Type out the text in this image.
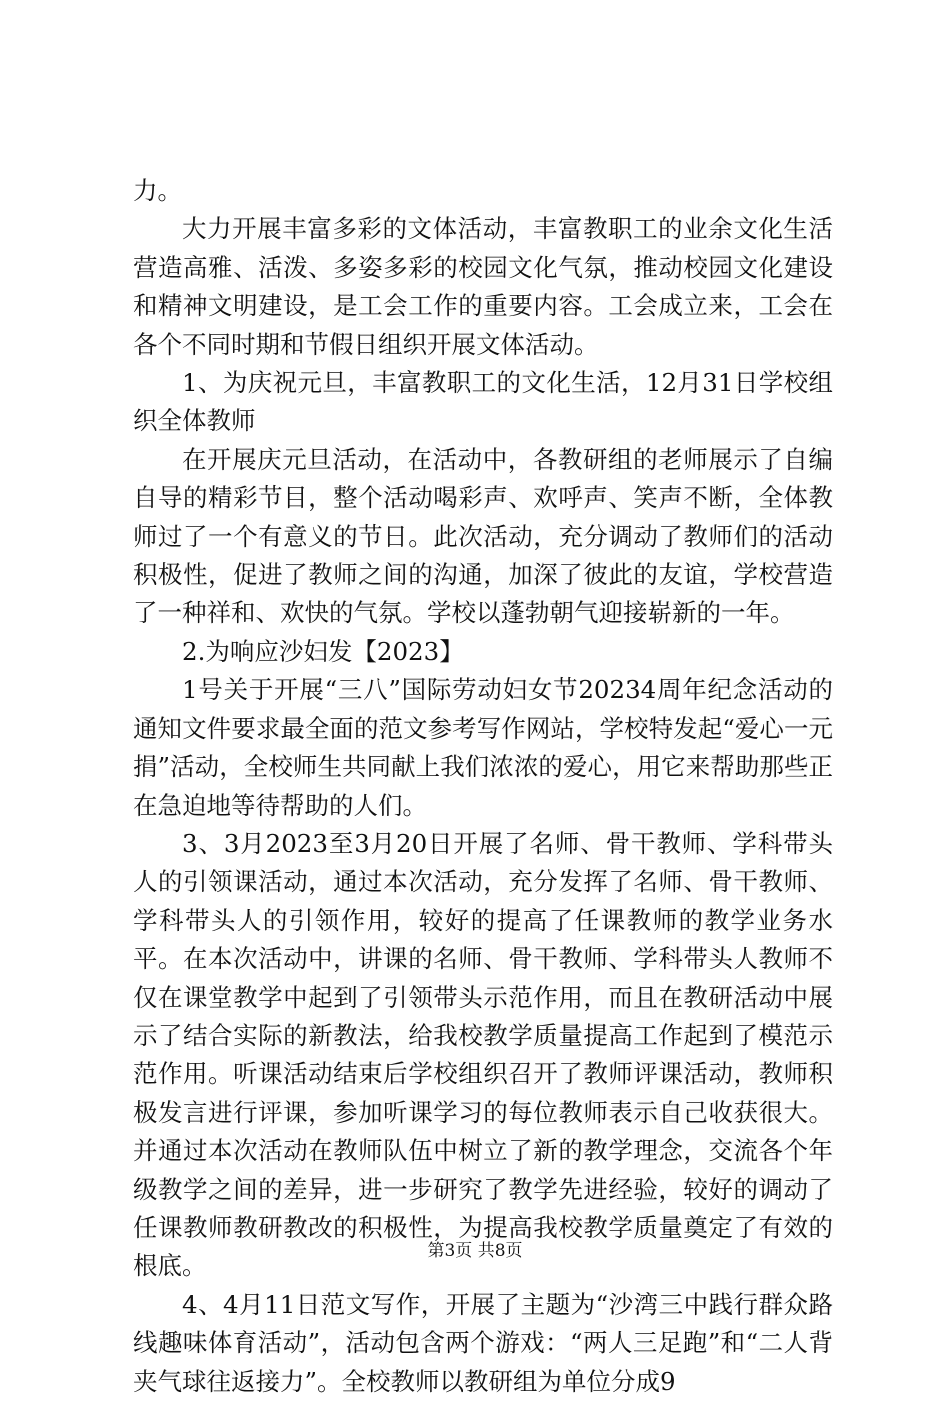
力。

大力开展丰富多彩的文体活动，丰富教职工的业余文化生活营造高雅、活泼、多姿多彩的校园文化气氛，推动校园文化建设和精神文明建设，是工会工作的重要内容。工会成立来，工会在各个不同时期和节假日组织开展文体活动。

1、为庆祝元旦，丰富教职工的文化生活，12月31日学校组织全体教师

在开展庆元旦活动，在活动中，各教研组的老师展示了自编自导的精彩节目，整个活动喝彩声、欢呼声、笑声不断，全体教师过了一个有意义的节日。此次活动，充分调动了教师们的活动积极性，促进了教师之间的沟通，加深了彼此的友谊，学校营造了一种祥和、欢快的气氛。学校以蓬勃朝气迎接崭新的一年。

2.为响应沙妇发【2023】

1号关于开展“三八”国际劳动妇女节20234周年纪念活动的通知文件要求最全面的范文参考写作网站，学校特发起“爱心一元捐”活动，全校师生共同献上我们浓浓的爱心，用它来帮助那些正在急迫地等待帮助的人们。

3、3月2023至3月20日开展了名师、骨干教师、学科带头人的引领课活动，通过本次活动，充分发挥了名师、骨干教师、学科带头人的引领作用，较好的提高了任课教师的教学业务水平。在本次活动中，讲课的名师、骨干教师、学科带头人教师不仅在课堂教学中起到了引领带头示范作用，而且在教研活动中展示了结合实际的新教法，给我校教学质量提高工作起到了模范示范作用。听课活动结束后学校组织召开了教师评课活动，教师积极发言进行评课，参加听课学习的每位教师表示自己收获很大。并通过本次活动在教师队伍中树立了新的教学理念，交流各个年级教学之间的差异，进一步研究了教学先进经验，较好的调动了任课教师教研教改的积极性，为提高我校教学质量奠定了有效的根底。

4、4月11日范文写作，开展了主题为“沙湾三中践行群众路线趣味体育活动”，活动包含两个游戏：“两人三足跑”和“二人背夹气球往返接力”。全校教师以教研组为单位分成9

第3页 共8页
